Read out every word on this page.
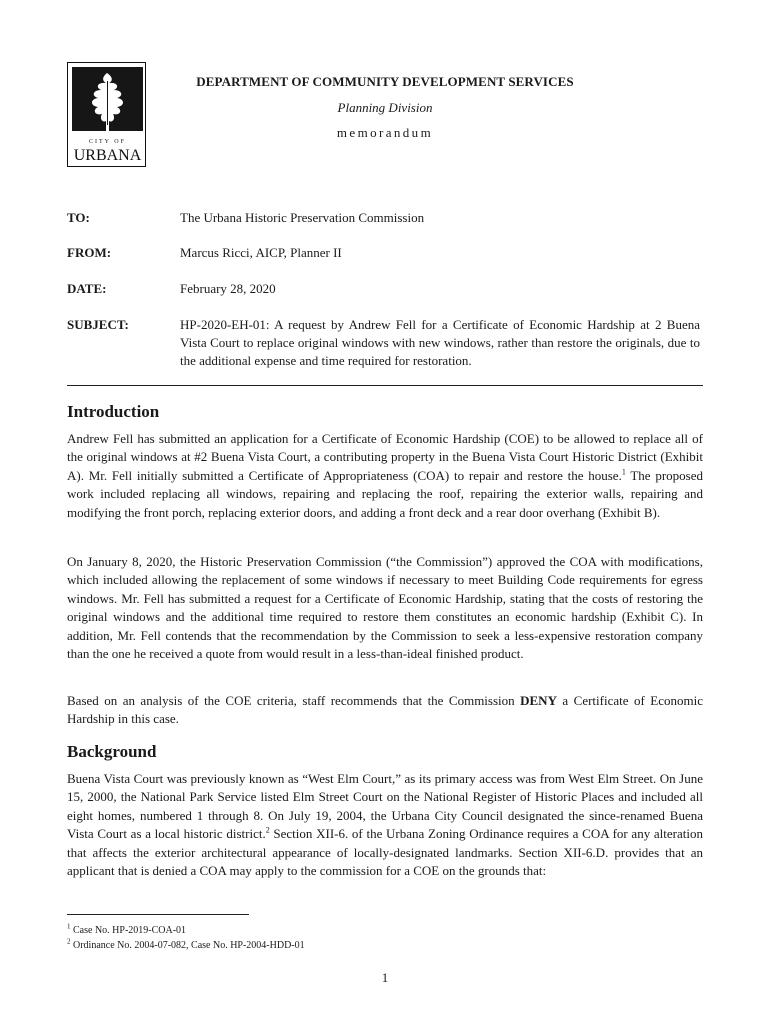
CITY OF
URBANA
DEPARTMENT OF COMMUNITY DEVELOPMENT SERVICES
Planning Division
memorandum
TO:	The Urbana Historic Preservation Commission
FROM:	Marcus Ricci, AICP, Planner II
DATE:	February 28, 2020
SUBJECT:	HP-2020-EH-01: A request by Andrew Fell for a Certificate of Economic Hardship at 2 Buena Vista Court to replace original windows with new windows, rather than restore the originals, due to the additional expense and time required for restoration.
Introduction

Andrew Fell has submitted an application for a Certificate of Economic Hardship (COE) to be allowed to replace all of the original windows at #2 Buena Vista Court, a contributing property in the Buena Vista Court Historic District (Exhibit A). Mr. Fell initially submitted a Certificate of Appropriateness (COA) to repair and restore the house.$^1$ The proposed work included replacing all windows, repairing and replacing the roof, repairing the exterior walls, repairing and modifying the front porch, replacing exterior doors, and adding a front deck and a rear door overhang (Exhibit B).

On January 8, 2020, the Historic Preservation Commission (“the Commission”) approved the COA with modifications, which included allowing the replacement of some windows if necessary to meet Building Code requirements for egress windows. Mr. Fell has submitted a request for a Certificate of Economic Hardship, stating that the costs of restoring the original windows and the additional time required to restore them constitutes an economic hardship (Exhibit C). In addition, Mr. Fell contends that the recommendation by the Commission to seek a less-expensive restoration company than the one he received a quote from would result in a less-than-ideal finished product.

Based on an analysis of the COE criteria, staff recommends that the Commission DENY a Certificate of Economic Hardship in this case.

Background

Buena Vista Court was previously known as “West Elm Court,” as its primary access was from West Elm Street. On June 15, 2000, the National Park Service listed Elm Street Court on the National Register of Historic Places and included all eight homes, numbered 1 through 8. On July 19, 2004, the Urbana City Council designated the since-renamed Buena Vista Court as a local historic district.$^2$ Section XII-6. of the Urbana Zoning Ordinance requires a COA for any alteration that affects the exterior architectural appearance of locally-designated landmarks. Section XII-6.D. provides that an applicant that is denied a COA may apply to the commission for a COE on the grounds that:

$^1$ Case No. HP-2019-COA-01
$^2$ Ordinance No. 2004-07-082, Case No. HP-2004-HDD-01
1
